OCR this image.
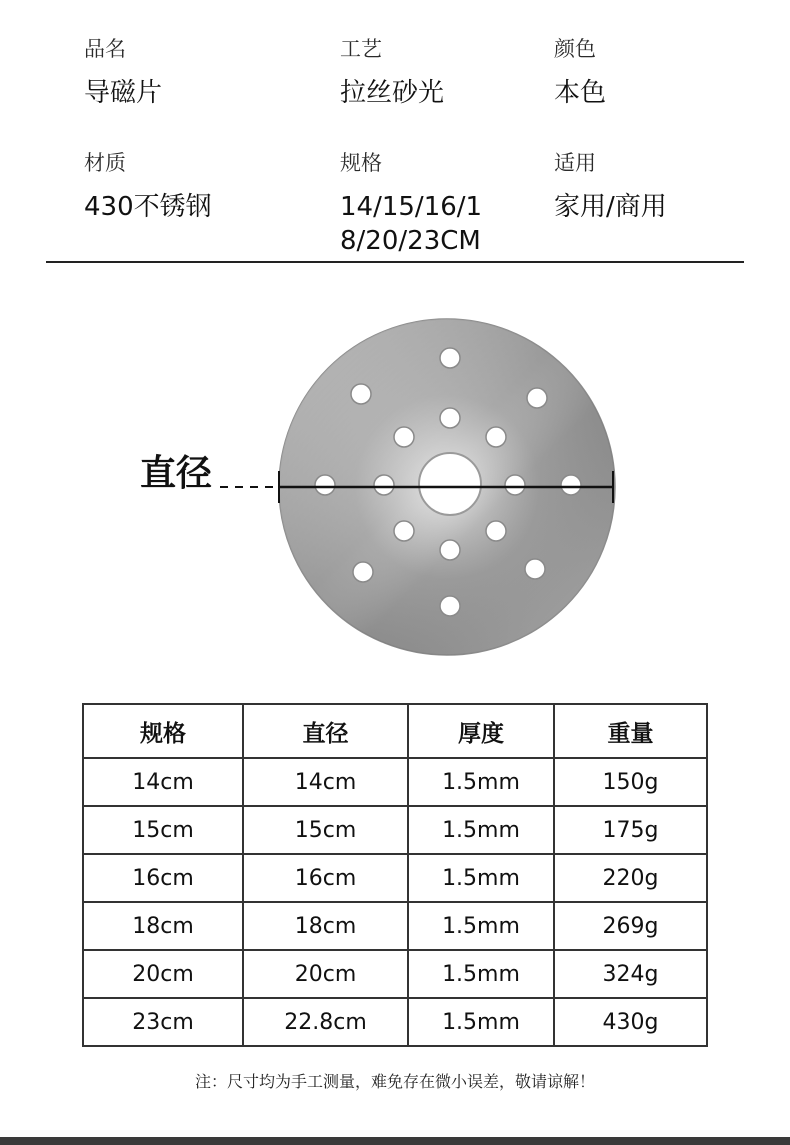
品名
导磁片
工艺
拉丝砂光
颜色
本色
材质
430不锈钢
规格
14/15/16/18/20/23CM
适用
家用/商用
直径
规格	直径	厚度	重量
14cm	14cm	1.5mm	150g
15cm	15cm	1.5mm	175g
16cm	16cm	1.5mm	220g
18cm	18cm	1.5mm	269g
20cm	20cm	1.5mm	324g
23cm	22.8cm	1.5mm	430g
注：尺寸均为手工测量，难免存在微小误差，敬请谅解！
